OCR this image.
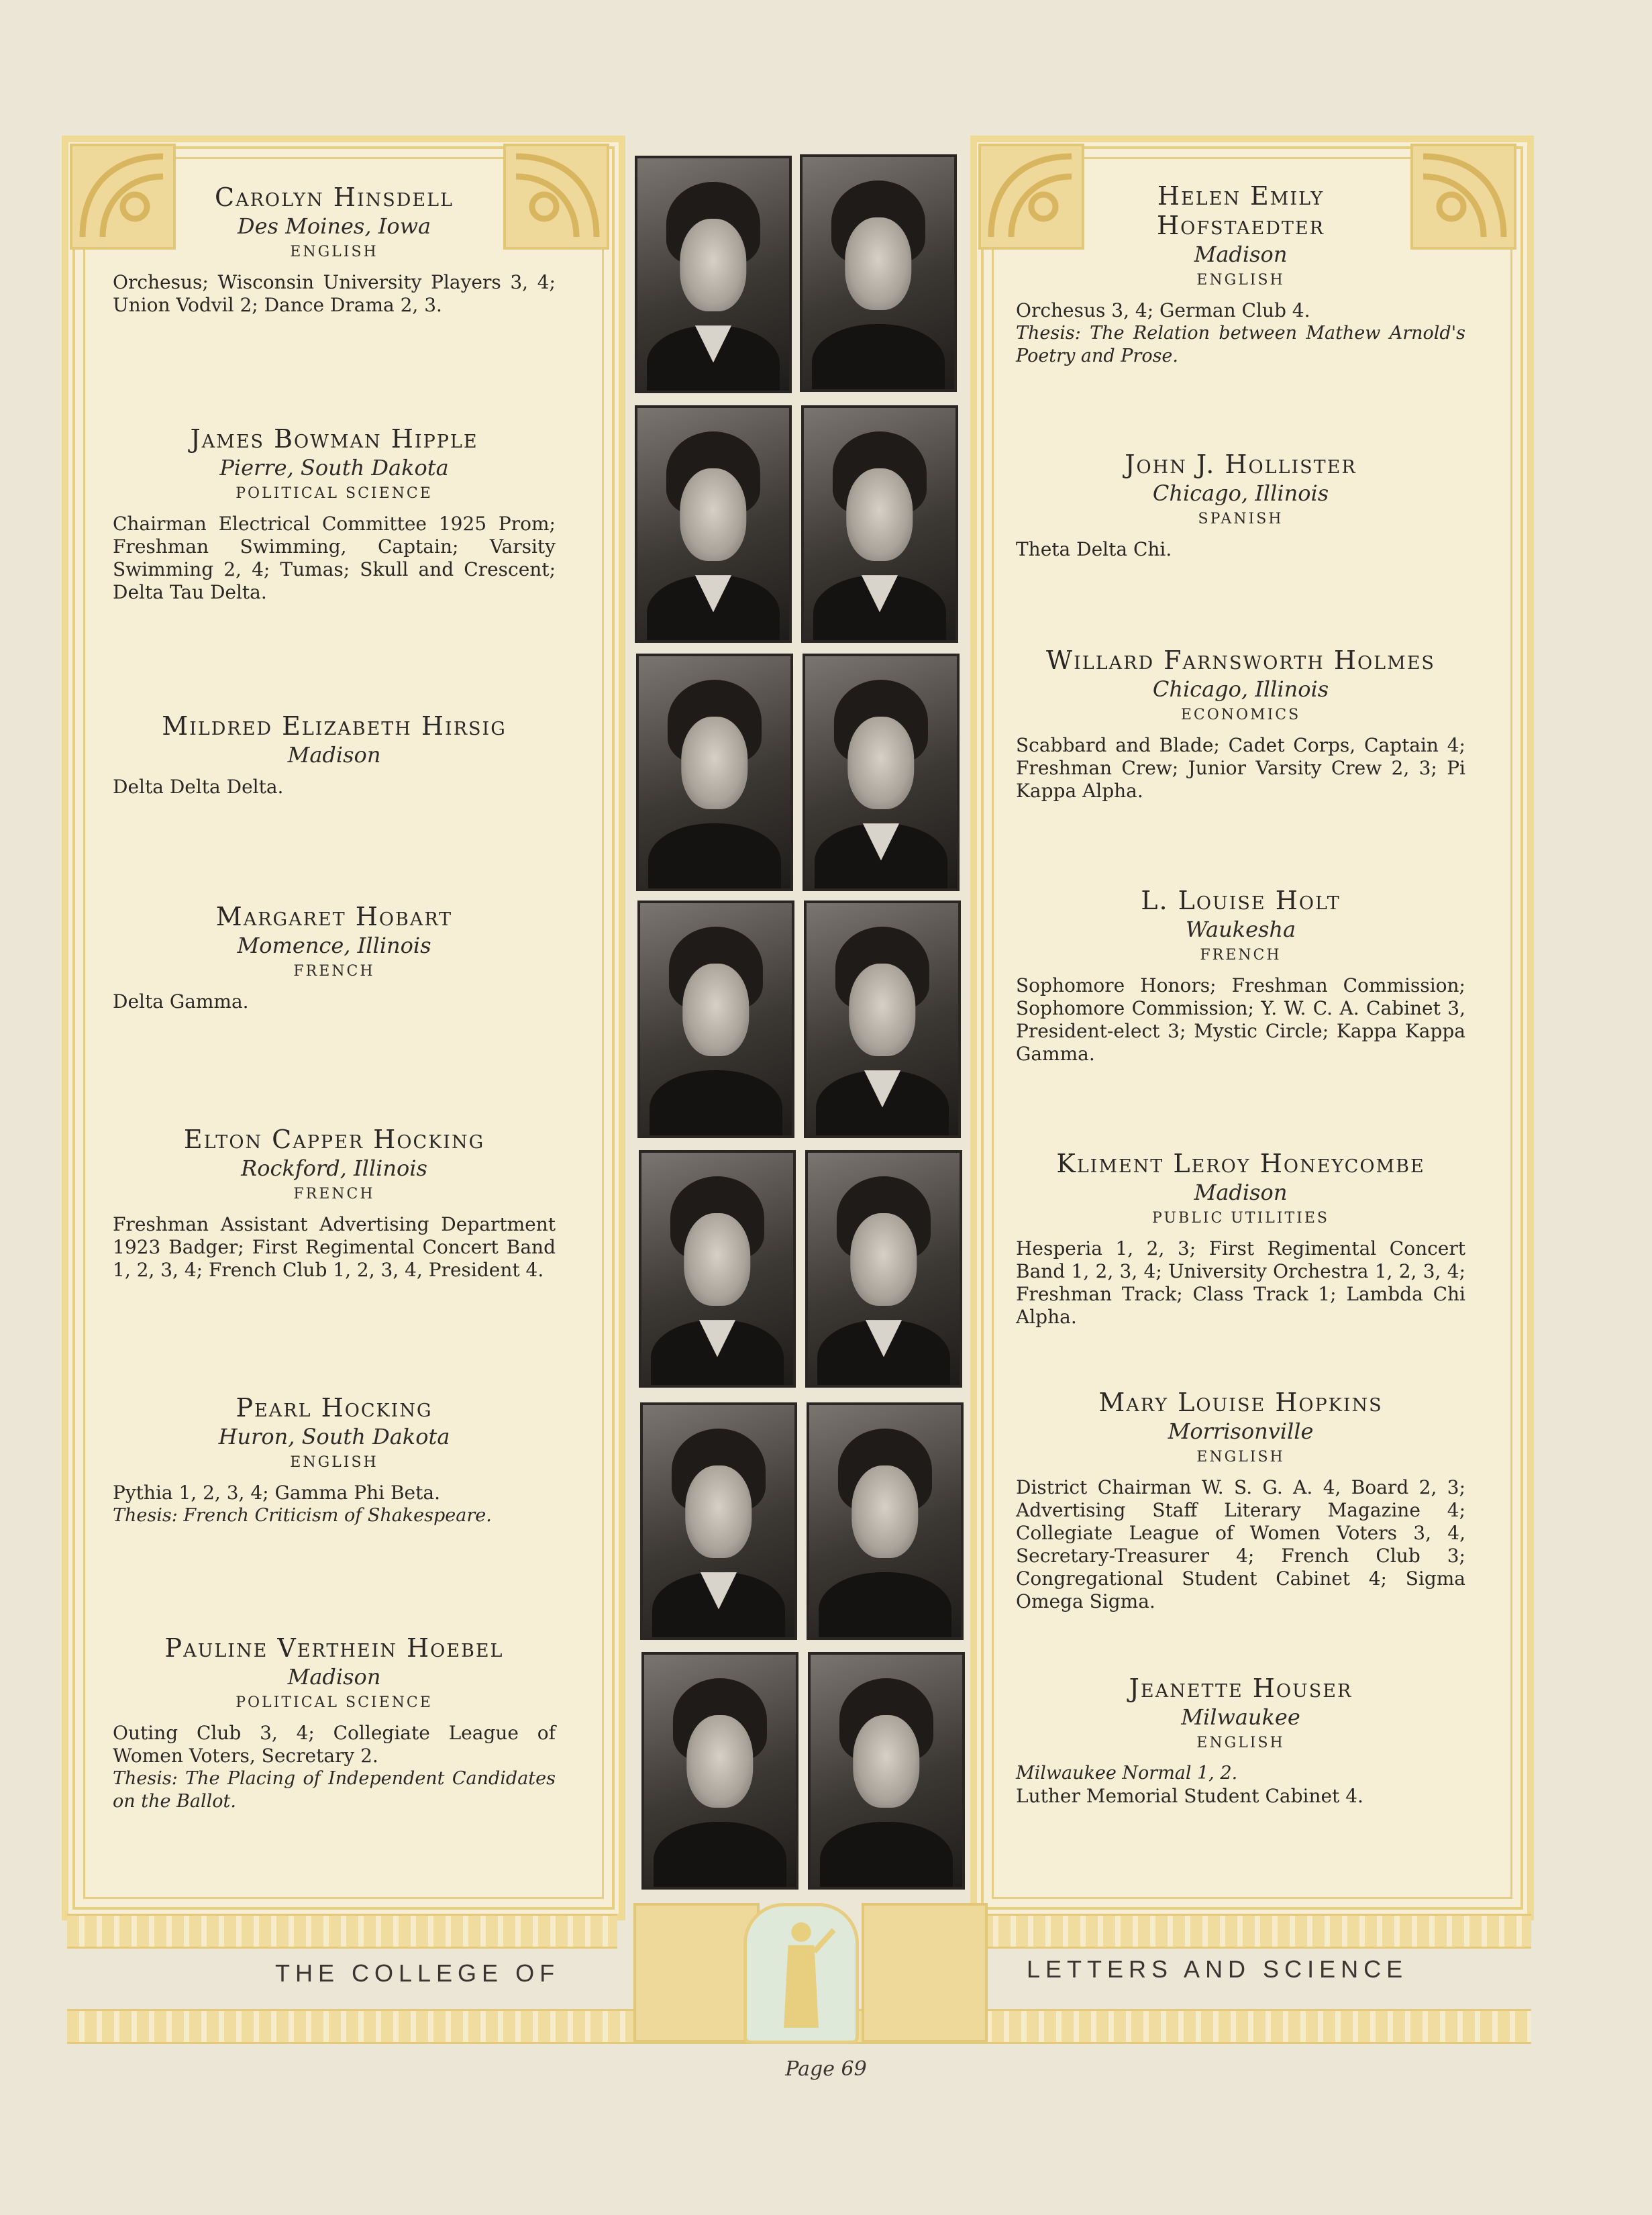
Carolyn Hinsdell
Des Moines, Iowa
ENGLISH
Orchesus; Wisconsin University Players 3, 4; Union Vodvil 2; Dance Drama 2, 3.
James Bowman Hipple
Pierre, South Dakota
POLITICAL SCIENCE
Chairman Electrical Committee 1925 Prom; Freshman Swimming, Captain; Varsity Swimming 2, 4; Tumas; Skull and Crescent; Delta Tau Delta.
Mildred Elizabeth Hirsig
Madison
Delta Delta Delta.
Margaret Hobart
Momence, Illinois
FRENCH
Delta Gamma.
Elton Capper Hocking
Rockford, Illinois
FRENCH
Freshman Assistant Advertising Department 1923 Badger; First Regimental Concert Band 1, 2, 3, 4; French Club 1, 2, 3, 4, President 4.
Pearl Hocking
Huron, South Dakota
ENGLISH
Pythia 1, 2, 3, 4; Gamma Phi Beta.
Thesis: French Criticism of Shakespeare.
Pauline Verthein Hoebel
Madison
POLITICAL SCIENCE
Outing Club 3, 4; Collegiate League of Women Voters, Secretary 2.
Thesis: The Placing of Independent Candidates on the Ballot.
Helen Emily Hofstaedter
Madison
ENGLISH
Orchesus 3, 4; German Club 4.
Thesis: The Relation between Mathew Arnold's Poetry and Prose.
John J. Hollister
Chicago, Illinois
SPANISH
Theta Delta Chi.
Willard Farnsworth Holmes
Chicago, Illinois
ECONOMICS
Scabbard and Blade; Cadet Corps, Captain 4; Freshman Crew; Junior Varsity Crew 2, 3; Pi Kappa Alpha.
L. Louise Holt
Waukesha
FRENCH
Sophomore Honors; Freshman Commission; Sophomore Commission; Y. W. C. A. Cabinet 3, President-elect 3; Mystic Circle; Kappa Kappa Gamma.
Kliment Leroy Honeycombe
Madison
PUBLIC UTILITIES
Hesperia 1, 2, 3; First Regimental Concert Band 1, 2, 3, 4; University Orchestra 1, 2, 3, 4; Freshman Track; Class Track 1; Lambda Chi Alpha.
Mary Louise Hopkins
Morrisonville
ENGLISH
District Chairman W. S. G. A. 4, Board 2, 3; Advertising Staff Literary Magazine 4; Collegiate League of Women Voters 3, 4, Secretary-Treasurer 4; French Club 3; Congregational Student Cabinet 4; Sigma Omega Sigma.
Jeanette Houser
Milwaukee
ENGLISH
Milwaukee Normal 1, 2.
Luther Memorial Student Cabinet 4.
THE COLLEGE OF	LETTERS AND SCIENCE
Page 69
